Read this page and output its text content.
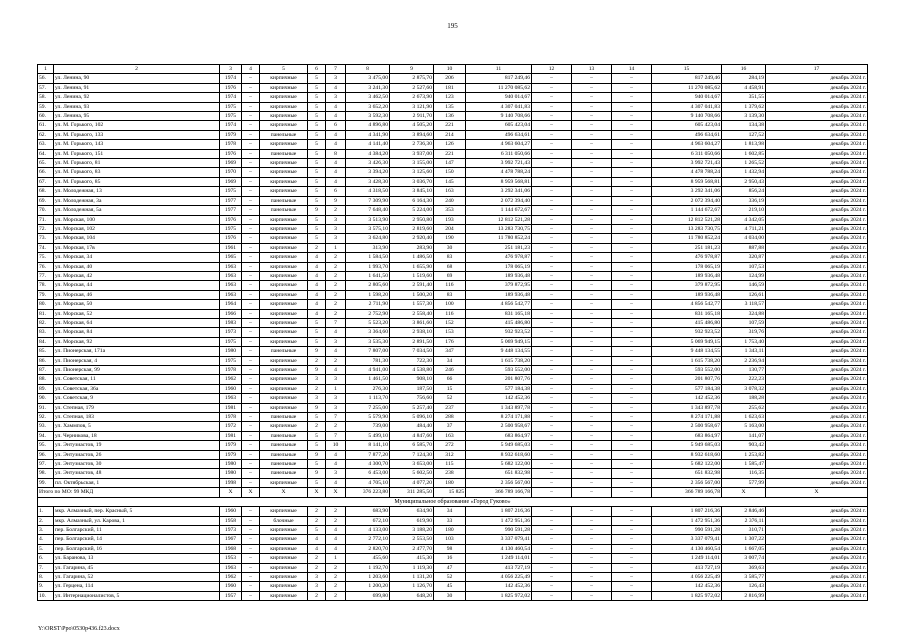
195
1	2	3	4	5	6	7	8	9	10	11	12	13	14	15	16	17
56.	ул. Ленина, 90	1974	–	кирпичные	5	3	3 475,00	2 875,70	206	817 249,46	–	–	–	817 249,46	284,19	декабрь 2024 г.
57.	ул. Ленина, 91	1976	–	кирпичные	5	4	3 241,30	2 527,60	181	11 270 085,62	–	–	–	11 270 085,62	4 458,91	декабрь 2024 г.
58.	ул. Ленина, 92	1974	–	кирпичные	5	3	3 462,50	2 673,90	123	940 014,67	–	–	–	940 014,67	351,55	декабрь 2024 г.
59.	ул. Ленина, 93	1975	–	кирпичные	5	4	3 652,20	3 121,90	135	4 307 041,83	–	–	–	4 307 041,83	1 379,62	декабрь 2024 г.
60.	ул. Ленина, 95	1975	–	кирпичные	5	4	3 592,30	2 911,70	136	9 140 708,66	–	–	–	9 140 708,66	3 139,30	декабрь 2024 г.
61.	ул. М. Горького, 102	1974	–	кирпичные	5	6	4 896,80	4 505,20	221	605 423,04	–	–	–	605 423,04	134,38	декабрь 2024 г.
62.	ул. М. Горького, 133	1979	–	панельные	5	4	4 341,90	3 894,60	214	496 634,61	–	–	–	496 634,61	127,52	декабрь 2024 г.
63.	ул. М. Горького, 143	1978	–	кирпичные	5	4	4 141,40	2 736,30	126	4 963 604,27	–	–	–	4 963 604,27	1 813,98	декабрь 2024 г.
64.	ул. М. Горького, 151	1976	–	панельные	5	8	4 384,20	3 937,00	221	6 311 050,66	–	–	–	6 311 050,66	1 602,85	декабрь 2024 г.
65.	ул. М. Горького, 81	1969	–	кирпичные	5	4	3 426,30	3 155,00	147	3 992 721,43	–	–	–	3 992 721,43	1 265,52	декабрь 2024 г.
66.	ул. М. Горького, 83	1970	–	кирпичные	5	4	3 394,20	3 125,60	150	4 478 788,24	–	–	–	4 478 788,24	1 432,94	декабрь 2024 г.
67.	ул. М. Горького, 85	1969	–	кирпичные	5	4	3 428,30	3 036,70	145	8 959 568,81	–	–	–	8 959 568,81	2 950,43	декабрь 2024 г.
68.	ул. Молодежная, 13	1975	–	кирпичные	5	6	4 318,50	3 845,10	163	3 292 341,06	–	–	–	3 292 341,06	856,24	декабрь 2024 г.
69.	ул. Молодежная, 3а	1977	–	панельные	5	9	7 309,90	6 164,30	240	2 072 394,40	–	–	–	2 072 394,40	336,19	декабрь 2024 г.
70.	ул. Молодежная, 5а	1977	–	панельные	9	2	7 648,40	5 224,00	353	1 144 672,67	–	–	–	1 144 672,67	219,10	декабрь 2024 г.
71.	ул. Морская, 100	1976	–	кирпичные	5	3	3 513,90	2 950,80	193	12 812 521,28	–	–	–	12 812 521,28	4 342,05	декабрь 2024 г.
72.	ул. Морская, 102	1975	–	кирпичные	5	3	3 575,10	2 819,60	204	13 283 730,75	–	–	–	13 283 730,75	4 711,21	декабрь 2024 г.
73.	ул. Морская, 104	1976	–	кирпичные	5	3	3 624,80	2 920,40	190	11 780 852,24	–	–	–	11 780 852,24	4 034,00	декабрь 2024 г.
74.	ул. Морская, 17в	1961	–	кирпичные	2	1	313,90	283,90	30	251 181,23	–	–	–	251 181,23	887,88	декабрь 2024 г.
75.	ул. Морская, 34	1965	–	кирпичные	4	2	1 584,50	1 486,50	83	476 978,87	–	–	–	476 978,87	320,87	декабрь 2024 г.
76.	ул. Морская, 40	1963	–	кирпичные	4	2	1 993,70	1 655,90	68	178 065,19	–	–	–	178 065,19	107,53	декабрь 2024 г.
77.	ул. Морская, 42	1963	–	кирпичные	4	2	1 641,50	1 519,60	69	189 936,48	–	–	–	189 936,48	124,99	декабрь 2024 г.
78.	ул. Морская, 44	1963	–	кирпичные	4	2	2 805,60	2 591,40	116	379 872,95	–	–	–	379 872,95	146,59	декабрь 2024 г.
79.	ул. Морская, 46	1963	–	кирпичные	4	2	1 598,20	1 500,20	83	189 936,48	–	–	–	189 936,48	126,61	декабрь 2024 г.
80.	ул. Морская, 50	1964	–	кирпичные	4	2	2 711,90	1 557,30	100	4 856 542,77	–	–	–	4 856 542,77	3 118,57	декабрь 2024 г.
81.	ул. Морская, 52	1966	–	кирпичные	4	2	2 752,90	2 558,40	116	831 165,18	–	–	–	831 165,18	324,88	декабрь 2024 г.
82.	ул. Морская, 64	1983	–	кирпичные	5	7	5 523,20	3 861,60	152	415 486,80	–	–	–	415 486,80	107,59	декабрь 2024 г.
83.	ул. Морская, 84	1973	–	кирпичные	5	4	3 364,60	2 938,10	153	932 923,52	–	–	–	932 923,52	319,76	декабрь 2024 г.
84.	ул. Морская, 92	1975	–	кирпичные	5	3	3 535,30	2 891,50	176	5 069 949,15	–	–	–	5 069 949,15	1 753,40	декабрь 2024 г.
85.	ул. Пионерская, 171а	1980	–	панельные	9	4	7 807,00	7 034,50	347	9 448 134,55	–	–	–	9 448 134,55	1 343,11	декабрь 2024 г.
86.	ул. Пионерская, 4	1975	–	кирпичные	2	2	781,30	722,30	34	1 615 738,20	–	–	–	1 615 738,20	2 236,94	декабрь 2024 г.
87.	ул. Пионерская, 99	1978	–	кирпичные	9	4	4 941,00	4 538,80	246	593 552,00	–	–	–	593 552,00	130,77	декабрь 2024 г.
88.	ул. Советская, 11	1962	–	кирпичные	3	3	1 461,50	908,10	66	201 807,76	–	–	–	201 807,76	222,23	декабрь 2024 г.
89.	ул. Советская, 36а	1960	–	кирпичные	2	1	276,30	187,50	15	577 184,38	–	–	–	577 184,38	3 078,32	декабрь 2024 г.
90.	ул. Советская, 9	1963	–	кирпичные	3	3	1 113,70	756,60	52	142 452,36	–	–	–	142 452,36	188,28	декабрь 2024 г.
91.	ул. Степная, 179	1981	–	кирпичные	9	3	7 255,00	5 257,40	237	1 343 897,78	–	–	–	1 343 897,78	255,62	декабрь 2024 г.
92.	ул. Степная, 183	1978	–	панельные	5	7	5 579,90	5 096,10	288	8 274 171,88	–	–	–	8 274 171,88	1 623,63	декабрь 2024 г.
93.	ул. Хаммпов, 5	1972	–	кирпичные	2	2	739,00	484,40	37	2 500 958,67	–	–	–	2 500 958,67	5 163,00	декабрь 2024 г.
94.	ул. Черникова, 18	1981	–	панельные	5	7	5 499,10	4 847,60	163	683 864,97	–	–	–	683 864,97	141,07	декабрь 2024 г.
95.	ул. Энтузиастов, 19	1979	–	панельные	5	10	8 141,10	6 585,70	272	5 949 685,03	–	–	–	5 949 685,03	903,42	декабрь 2024 г.
96.	ул. Энтузиастов, 26	1979	–	панельные	9	4	7 877,20	7 124,30	312	8 932 618,60	–	–	–	8 932 618,60	1 253,82	декабрь 2024 г.
97.	ул. Энтузиастов, 30	1980	–	панельные	5	4	4 300,70	3 653,00	115	5 682 122,00	–	–	–	5 682 122,00	1 585,47	декабрь 2024 г.
98.	ул. Энтузиастов, 48	1980	–	панельные	9	3	6 453,00	5 602,50	238	651 832,98	–	–	–	651 832,98	116,35	декабрь 2024 г.
99.	пл. Октябрьская, 1	1998	–	кирпичные	5	4	4 705,10	4 077,20	180	2 356 567,00	–	–	–	2 356 567,00	577,99	декабрь 2024 г.
Итого по МО: 99 МКД		Х	Х	Х	Х	Х	376 223,80	311 285,50	15 825	366 789 166,78	–	–	–	366 789 166,78	Х	Х
Муниципальное образование «Город Гуково»																
1.	мкр. Алмазный, пер. Красный, 5	1960	–	кирпичные	2	2	683,90	634,90	34	1 807 216,36	–	–	–	1 807 216,36	2 846,46	декабрь 2024 г.
2.	мкр. Алмазный, ул. Карова, 1	1958	–	блочные	2	2	672,10	619,90	33	1 472 951,36	–	–	–	1 472 951,36	2 376,11	декабрь 2024 г.
3.	пер. Болгарский, 11	1973	–	кирпичные	5	4	4 133,00	3 188,20	180	990 591,28	–	–	–	990 591,28	310,71	декабрь 2024 г.
4.	пер. Болгарский, 14	1967	–	кирпичные	4	4	2 772,10	2 553,50	103	3 337 079,41	–	–	–	3 337 079,41	1 307,22	декабрь 2024 г.
5.	пер. Болгарский, 16	1968	–	кирпичные	4	4	2 820,70	2 477,70	98	4 130 460,54	–	–	–	4 130 460,54	1 667,05	декабрь 2024 г.
6.	ул. Баранова, 13	1953	–	кирпичные	2	1	455,60	415,30	16	1 249 114,01	–	–	–	1 249 114,01	3 007,74	декабрь 2024 г.
7.	ул. Гагарина, 45	1963	–	кирпичные	2	2	1 192,70	1 119,30	47	413 727,19	–	–	–	413 727,19	369,63	декабрь 2024 г.
8.	ул. Гагарина, 52	1962	–	кирпичные	3	2	1 203,60	1 131,20	52	4 056 225,49	–	–	–	4 056 225,49	3 585,77	декабрь 2024 г.
9.	ул. Герцена, 114	1960	–	кирпичные	3	2	1 200,20	1 126,70	45	142 452,36	–	–	–	142 452,36	126,43	декабрь 2024 г.
10.	ул. Интернационалистов, 5	1957	–	кирпичные	2	2	699,80	648,20	30	1 825 972,02	–	–	–	1 825 972,02	2 816,99	декабрь 2024 г.
Y:\ORST\Ppo\0530p436.f23.docx
